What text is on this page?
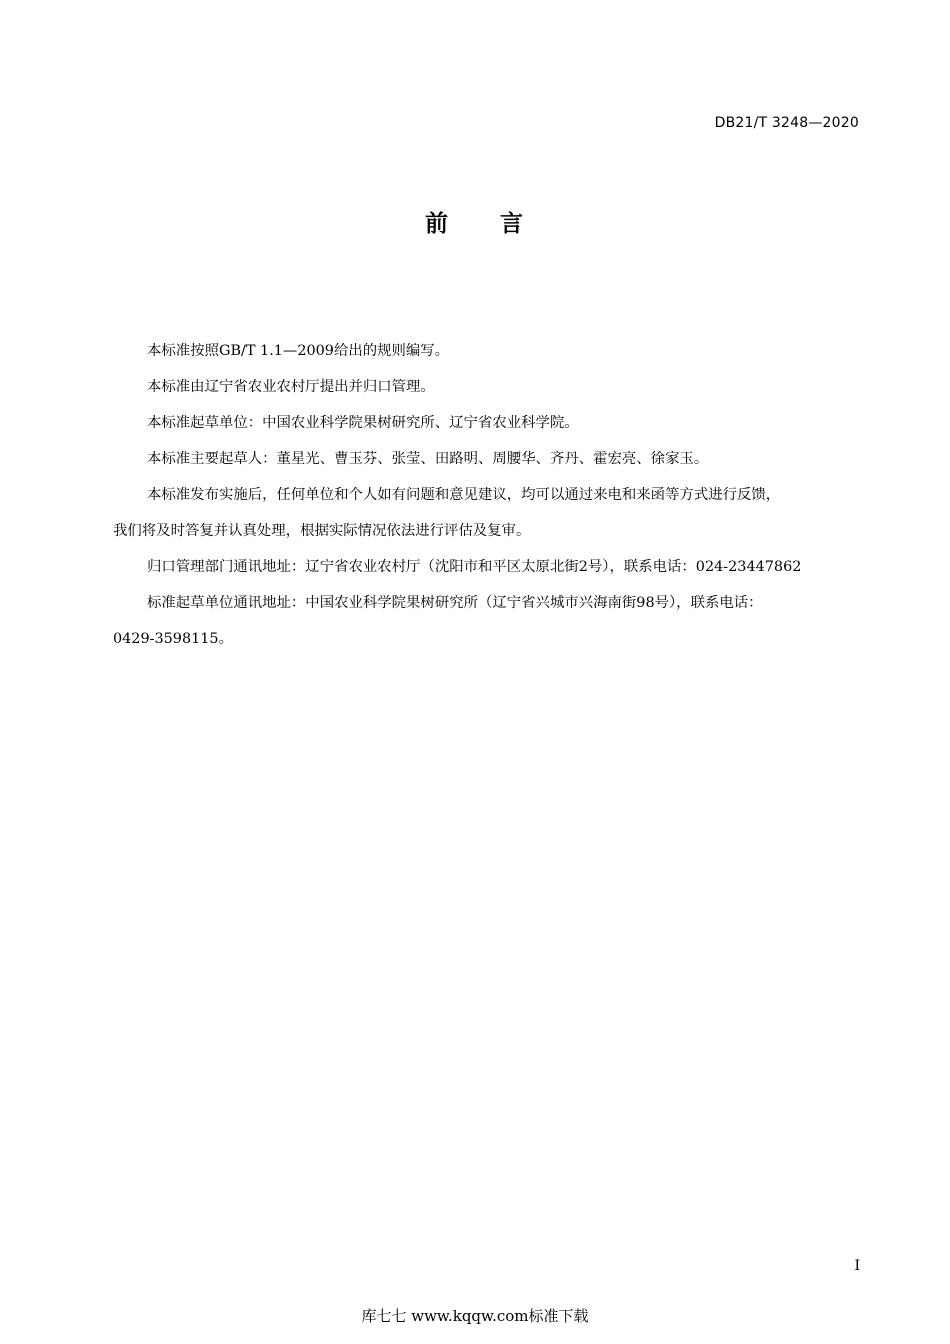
DB21/T 3248—2020
前 言

本标准按照GB/T 1.1—2009给出的规则编写。

本标准由辽宁省农业农村厅提出并归口管理。

本标准起草单位：中国农业科学院果树研究所、辽宁省农业科学院。

本标准主要起草人：董星光、曹玉芬、张莹、田路明、周腰华、齐丹、霍宏亮、徐家玉。

本标准发布实施后，任何单位和个人如有问题和意见建议，均可以通过来电和来函等方式进行反馈，
我们将及时答复并认真处理，根据实际情况依法进行评估及复审。

归口管理部门通讯地址：辽宁省农业农村厅（沈阳市和平区太原北街2号），联系电话：024-23447862

标准起草单位通讯地址：中国农业科学院果树研究所（辽宁省兴城市兴海南街98号），联系电话：
0429-3598115。

I
库七七 www.kqqw.com标准下载
